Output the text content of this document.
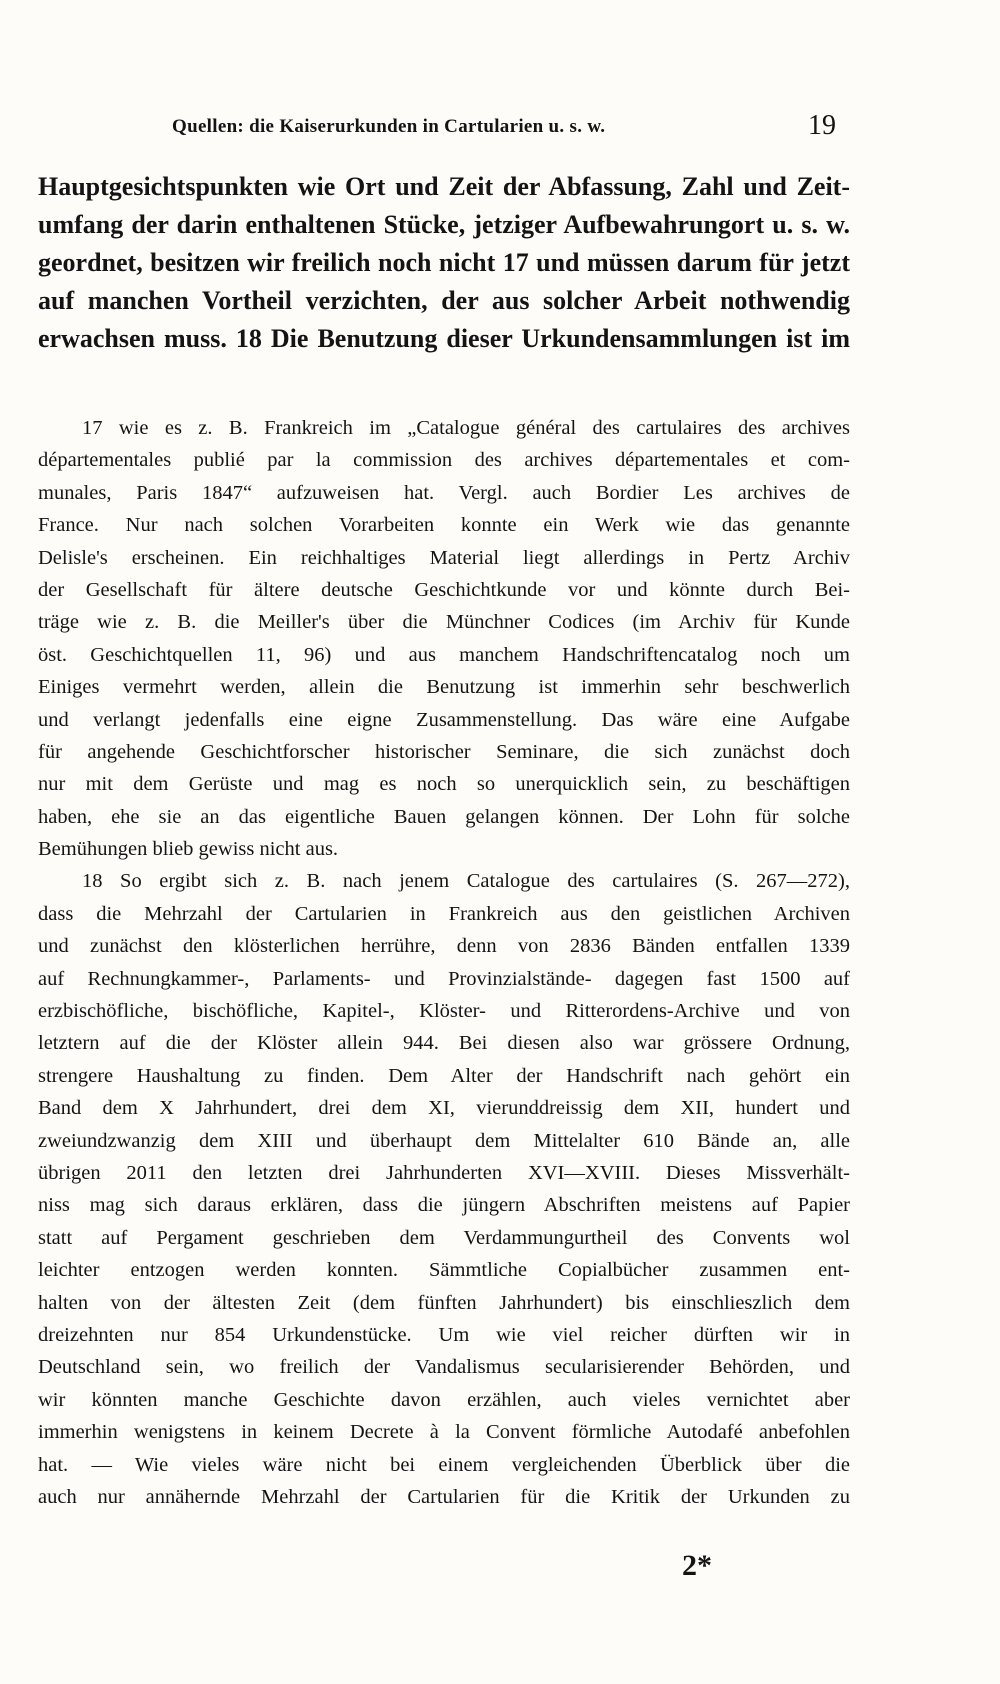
Quellen: die Kaiserurkunden in Cartularien u. s. w.	19
Hauptgesichtspunkten wie Ort und Zeit der Abfassung, Zahl und Zeit-
umfang der darin enthaltenen Stücke, jetziger Aufbewahrungort u. s. w.
geordnet, besitzen wir freilich noch nicht 17 und müssen darum für jetzt
auf manchen Vortheil verzichten, der aus solcher Arbeit nothwendig
erwachsen muss. 18 Die Benutzung dieser Urkundensammlungen ist im
17 wie es z. B. Frankreich im „Catalogue général des cartulaires des archives
départementales publié par la commission des archives départementales et com-
munales, Paris 1847“ aufzuweisen hat. Vergl. auch Bordier Les archives de
France. Nur nach solchen Vorarbeiten konnte ein Werk wie das genannte
Delisle's erscheinen. Ein reichhaltiges Material liegt allerdings in Pertz Archiv
der Gesellschaft für ältere deutsche Geschichtkunde vor und könnte durch Bei-
träge wie z. B. die Meiller's über die Münchner Codices (im Archiv für Kunde
öst. Geschichtquellen 11, 96) und aus manchem Handschriftencatalog noch um
Einiges vermehrt werden, allein die Benutzung ist immerhin sehr beschwerlich
und verlangt jedenfalls eine eigne Zusammenstellung. Das wäre eine Aufgabe
für angehende Geschichtforscher historischer Seminare, die sich zunächst doch
nur mit dem Gerüste und mag es noch so unerquicklich sein, zu beschäftigen
haben, ehe sie an das eigentliche Bauen gelangen können. Der Lohn für solche
Bemühungen blieb gewiss nicht aus.
18 So ergibt sich z. B. nach jenem Catalogue des cartulaires (S. 267—272),
dass die Mehrzahl der Cartularien in Frankreich aus den geistlichen Archiven
und zunächst den klösterlichen herrühre, denn von 2836 Bänden entfallen 1339
auf Rechnungkammer-, Parlaments- und Provinzialstände- dagegen fast 1500 auf
erzbischöfliche, bischöfliche, Kapitel-, Klöster- und Ritterordens-Archive und von
letztern auf die der Klöster allein 944. Bei diesen also war grössere Ordnung,
strengere Haushaltung zu finden. Dem Alter der Handschrift nach gehört ein
Band dem X Jahrhundert, drei dem XI, vierunddreissig dem XII, hundert und
zweiundzwanzig dem XIII und überhaupt dem Mittelalter 610 Bände an, alle
übrigen 2011 den letzten drei Jahrhunderten XVI—XVIII. Dieses Missverhält-
niss mag sich daraus erklären, dass die jüngern Abschriften meistens auf Papier
statt auf Pergament geschrieben dem Verdammungurtheil des Convents wol
leichter entzogen werden konnten. Sämmtliche Copialbücher zusammen ent-
halten von der ältesten Zeit (dem fünften Jahrhundert) bis einschlieszlich dem
dreizehnten nur 854 Urkundenstücke. Um wie viel reicher dürften wir in
Deutschland sein, wo freilich der Vandalismus secularisierender Behörden, und
wir könnten manche Geschichte davon erzählen, auch vieles vernichtet aber
immerhin wenigstens in keinem Decrete à la Convent förmliche Autodafé anbefohlen
hat. — Wie vieles wäre nicht bei einem vergleichenden Überblick über die
auch nur annähernde Mehrzahl der Cartularien für die Kritik der Urkunden zu
2*
